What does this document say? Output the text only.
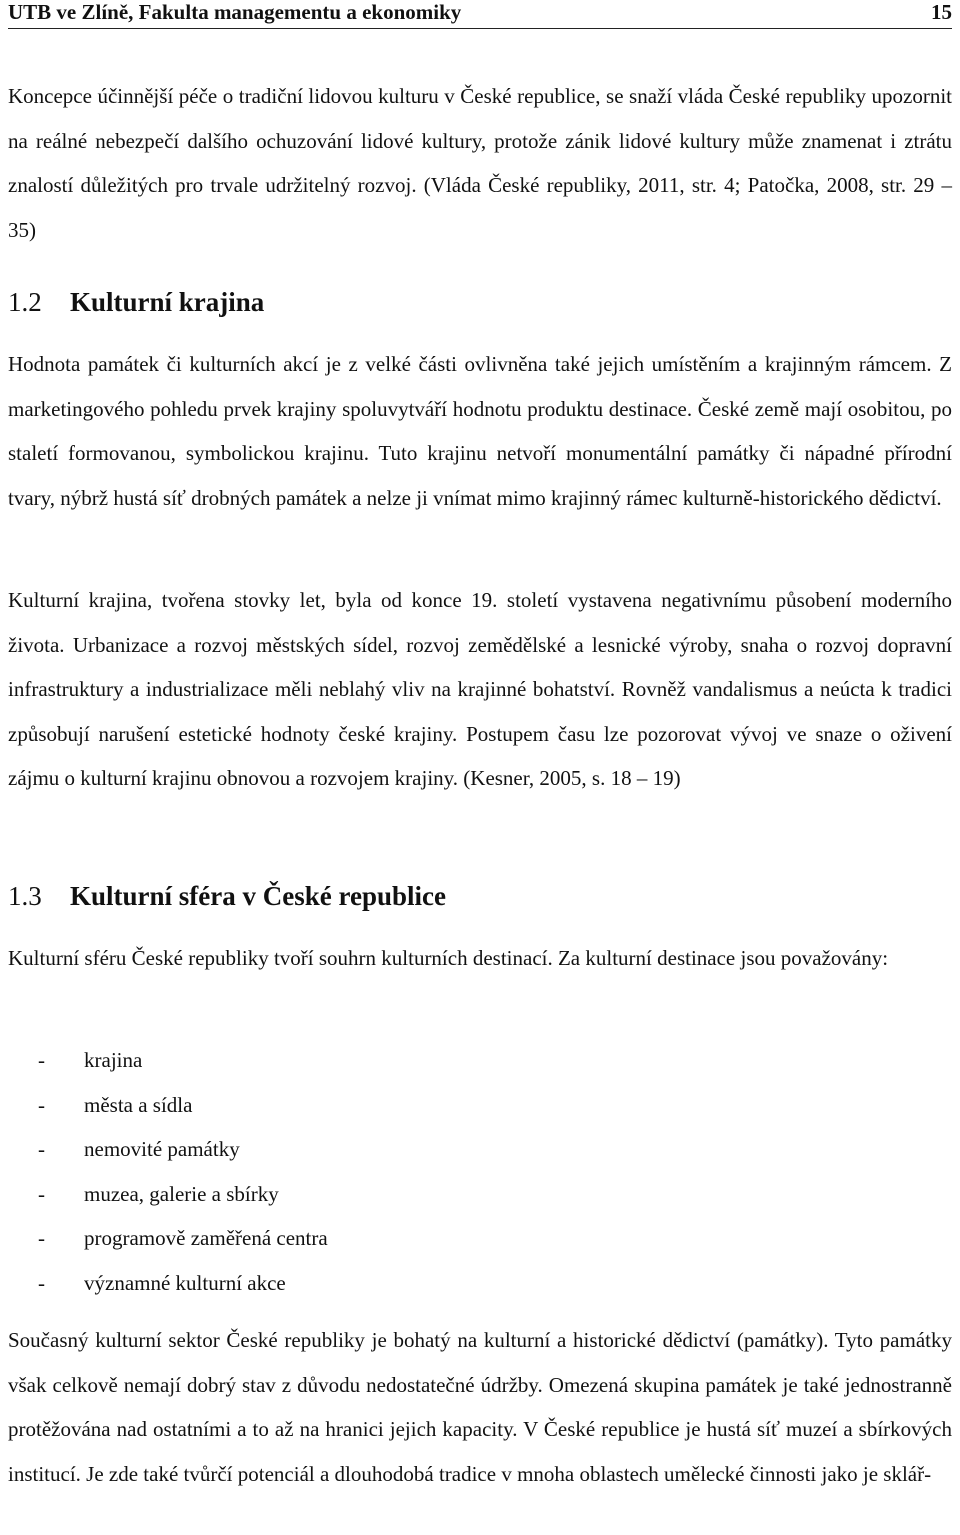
UTB ve Zlíně, Fakulta managementu a ekonomiky	15

Koncepce účinnější péče o tradiční lidovou kulturu v České republice, se snaží vláda České republiky upozornit na reálné nebezpečí dalšího ochuzování lidové kultury, protože zánik lidové kultury může znamenat i ztrátu znalostí důležitých pro trvale udržitelný rozvoj. (Vláda České republiky, 2011, str. 4; Patočka, 2008, str. 29 – 35)

1.2 Kulturní krajina

Hodnota památek či kulturních akcí je z velké části ovlivněna také jejich umístěním a krajinným rámcem. Z marketingového pohledu prvek krajiny spoluvytváří hodnotu produktu destinace. České země mají osobitou, po staletí formovanou, symbolickou krajinu. Tuto krajinu netvoří monumentální památky či nápadné přírodní tvary, nýbrž hustá síť drobných památek a nelze ji vnímat mimo krajinný rámec kulturně-historického dědictví.

Kulturní krajina, tvořena stovky let, byla od konce 19. století vystavena negativnímu působení moderního života. Urbanizace a rozvoj městských sídel, rozvoj zemědělské a lesnické výroby, snaha o rozvoj dopravní infrastruktury a industrializace měli neblahý vliv na krajinné bohatství. Rovněž vandalismus a neúcta k tradici způsobují narušení estetické hodnoty české krajiny. Postupem času lze pozorovat vývoj ve snaze o oživení zájmu o kulturní krajinu obnovou a rozvojem krajiny. (Kesner, 2005, s. 18 – 19)

1.3 Kulturní sféra v České republice

Kulturní sféru České republiky tvoří souhrn kulturních destinací. Za kulturní destinace jsou považovány:

- krajina
- města a sídla
- nemovité památky
- muzea, galerie a sbírky
- programově zaměřená centra
- významné kulturní akce

Současný kulturní sektor České republiky je bohatý na kulturní a historické dědictví (památky). Tyto památky však celkově nemají dobrý stav z důvodu nedostatečné údržby. Omezená skupina památek je také jednostranně protěžována nad ostatními a to až na hranici jejich kapacity. V České republice je hustá síť muzeí a sbírkových institucí. Je zde také tvůrčí potenciál a dlouhodobá tradice v mnoha oblastech umělecké činnosti jako je sklář-
